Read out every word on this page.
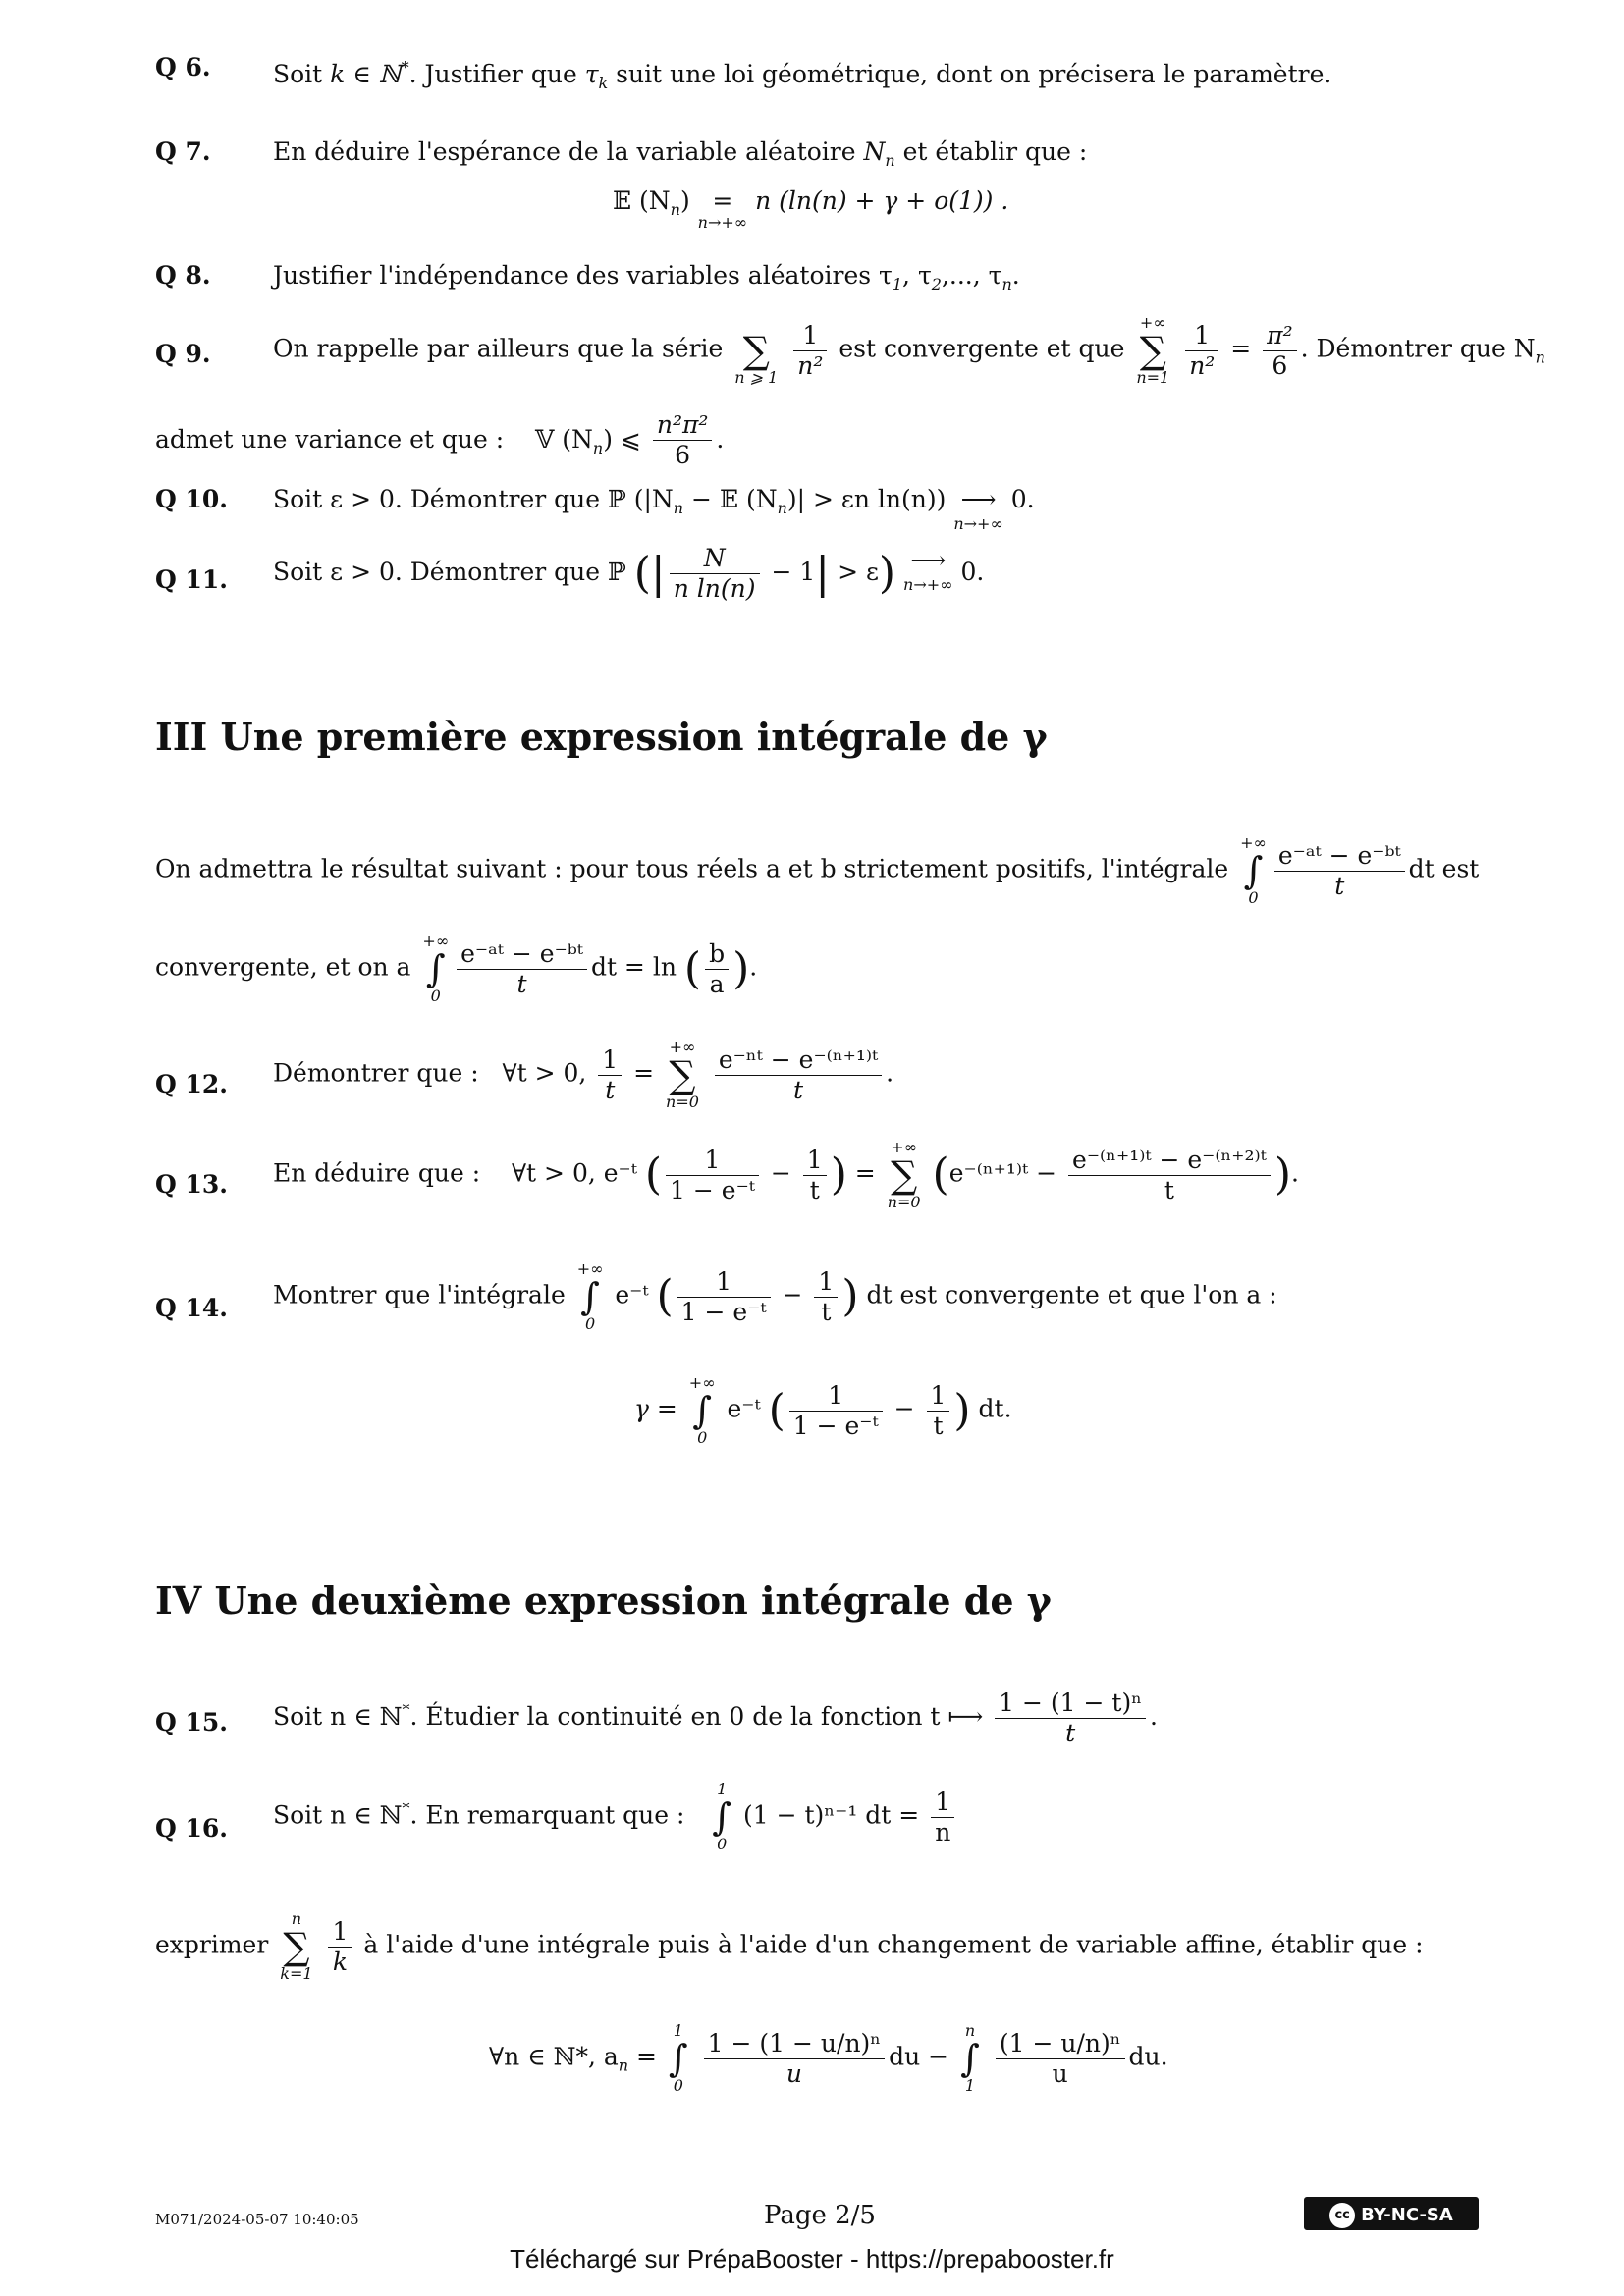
Q 6.	Soit k ∈ ℕ*. Justifier que $\tau_k$ suit une loi géométrique, dont on précisera le paramètre.
Q 7.	En déduire l'espérance de la variable aléatoire $N_n$ et établir que :
𝔼 $(N_n)$ =
n→+∞
n (ln(n) + γ + o(1)) .
Q 8.	Justifier l'indépendance des variables aléatoires $\tau_1$, $\tau_2$,..., $\tau_n$.
Q 9.	On rappelle par ailleurs que la série
∑
n ⩾ 1
$\frac{1}{\text{n²}}$ est convergente et que
+∞
∑
n=1
$\frac{1}{\text{n²}} = \frac{\text{π²}}{6}$ . Démontrer que $N_n$
admet une variance et que : 𝕍 $(N_n)$ ⩽ $\frac{\text{n²π²}}{6}$ .
Q 10.	Soit ε > 0. Démontrer que ℙ ($|N_n$ − 𝔼 $(N_n)| > \varepsilon n$ ln(n)) ⟶
n→+∞
0.
Q 11.	Soit ε > 0. Démontrer que ℙ (| $\frac{N}{\text{n ln(n)}} - 1| > \varepsilon$) ⟶
n→+∞ 0.
III Une première expression intégrale de γ
On admettra le résultat suivant : pour tous réels a et b strictement positifs, l'intégrale
+∞
∫
$0 \frac{\text{e⁻ᵃᵗ − e⁻ᵇᵗ}}{t}$ dt est
convergente, et on a
+∞
∫
$0 \frac{\text{e⁻ᵃᵗ − e⁻ᵇᵗ}}{t}$ dt = ln ( $\frac{b}{a}$ ).
Q 12.	Démontrer que : ∀t > 0, $\frac{1}{t}$ =
+∞
∑
n=0
$\frac{\text{e⁻ⁿᵗ − e⁻⁽ⁿ⁺¹⁾ᵗ}}{t}$ .
Q 13.	En déduire que : ∀t > 0, e⁻ᵗ ( $\frac{1}{\text{1 − e⁻ᵗ}} - \frac{1}{t}$ ) =
+∞
∑
n=0
(e⁻⁽ⁿ⁺¹⁾ᵗ − $\frac{\text{e⁻⁽ⁿ⁺¹⁾ᵗ − e⁻⁽ⁿ⁺²⁾ᵗ}}{t}$ ).
Q 14.	Montrer que l'intégrale
+∞
∫
0
e⁻ᵗ ( $\frac{1}{\text{1 − e⁻ᵗ}} - \frac{1}{t}$ ) dt est convergente et que l'on a :
γ =
+∞
∫
0
e⁻ᵗ ( $\frac{1}{\text{1 − e⁻ᵗ}} - \frac{1}{t}$ ) dt.
IV Une deuxième expression intégrale de γ
Q 15.	Soit n ∈ ℕ*. Étudier la continuité en 0 de la fonction t ⟼ $\frac{\text{1 − (1 − t)ⁿ}}{t}$ .
Q 16.	Soit n ∈ ℕ*. En remarquant que :
1
∫
0
(1 − t)ⁿ⁻¹ dt = $\frac{1}{n}$
exprimer
n
∑
k=1
$\frac{1}{k}$ à l'aide d'une intégrale puis à l'aide d'un changement de variable affine, établir que :
∀n ∈ ℕ*, $a_n$ =
1
∫
0
$\frac{\text{1 − (1 − u/n)ⁿ}}{u}$ du −
n
∫
1
$\frac{\text{(1 − u/n)ⁿ}}{u}$ du.
M071/2024-05-07 10:40:05	Page 2/5	cc BY-NC-SA
Téléchargé sur PrépaBooster - https://prepabooster.fr
